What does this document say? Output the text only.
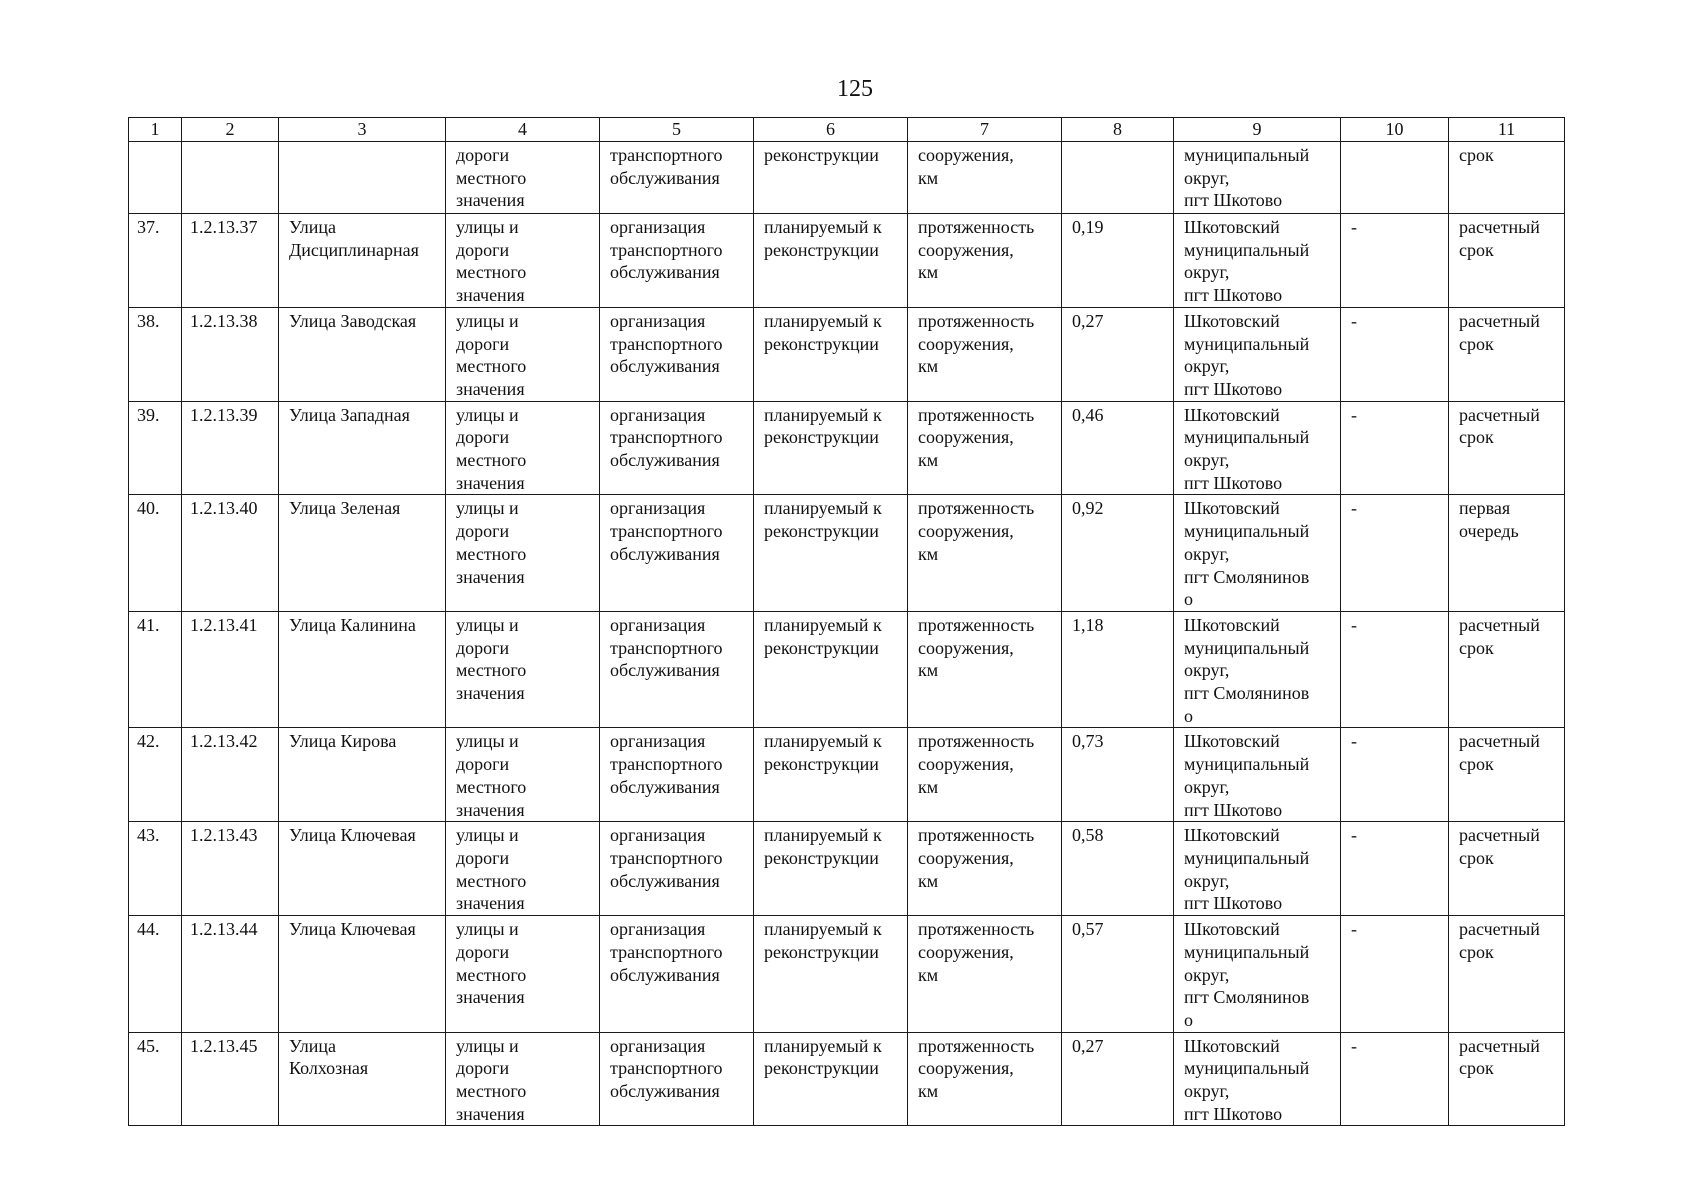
125
1	2	3	4	5	6	7	8	9	10	11
			дороги
местного
значения	транспортного
обслуживания	реконструкции	сооружения,
км		муниципальный
округ,
пгт Шкотово		срок
37.	1.2.13.37	Улица
Дисциплинарная	улицы и
дороги
местного
значения	организация
транспортного
обслуживания	планируемый к
реконструкции	протяженность
сооружения,
км	0,19	Шкотовский
муниципальный
округ,
пгт Шкотово	-	расчетный
срок
38.	1.2.13.38	Улица Заводская	улицы и
дороги
местного
значения	организация
транспортного
обслуживания	планируемый к
реконструкции	протяженность
сооружения,
км	0,27	Шкотовский
муниципальный
округ,
пгт Шкотово	-	расчетный
срок
39.	1.2.13.39	Улица Западная	улицы и
дороги
местного
значения	организация
транспортного
обслуживания	планируемый к
реконструкции	протяженность
сооружения,
км	0,46	Шкотовский
муниципальный
округ,
пгт Шкотово	-	расчетный
срок
40.	1.2.13.40	Улица Зеленая	улицы и
дороги
местного
значения	организация
транспортного
обслуживания	планируемый к
реконструкции	протяженность
сооружения,
км	0,92	Шкотовский
муниципальный
округ,
пгт Смолянинов
о	-	первая
очередь
41.	1.2.13.41	Улица Калинина	улицы и
дороги
местного
значения	организация
транспортного
обслуживания	планируемый к
реконструкции	протяженность
сооружения,
км	1,18	Шкотовский
муниципальный
округ,
пгт Смолянинов
о	-	расчетный
срок
42.	1.2.13.42	Улица Кирова	улицы и
дороги
местного
значения	организация
транспортного
обслуживания	планируемый к
реконструкции	протяженность
сооружения,
км	0,73	Шкотовский
муниципальный
округ,
пгт Шкотово	-	расчетный
срок
43.	1.2.13.43	Улица Ключевая	улицы и
дороги
местного
значения	организация
транспортного
обслуживания	планируемый к
реконструкции	протяженность
сооружения,
км	0,58	Шкотовский
муниципальный
округ,
пгт Шкотово	-	расчетный
срок
44.	1.2.13.44	Улица Ключевая	улицы и
дороги
местного
значения	организация
транспортного
обслуживания	планируемый к
реконструкции	протяженность
сооружения,
км	0,57	Шкотовский
муниципальный
округ,
пгт Смолянинов
о	-	расчетный
срок
45.	1.2.13.45	Улица
Колхозная	улицы и
дороги
местного
значения	организация
транспортного
обслуживания	планируемый к
реконструкции	протяженность
сооружения,
км	0,27	Шкотовский
муниципальный
округ,
пгт Шкотово	-	расчетный
срок
